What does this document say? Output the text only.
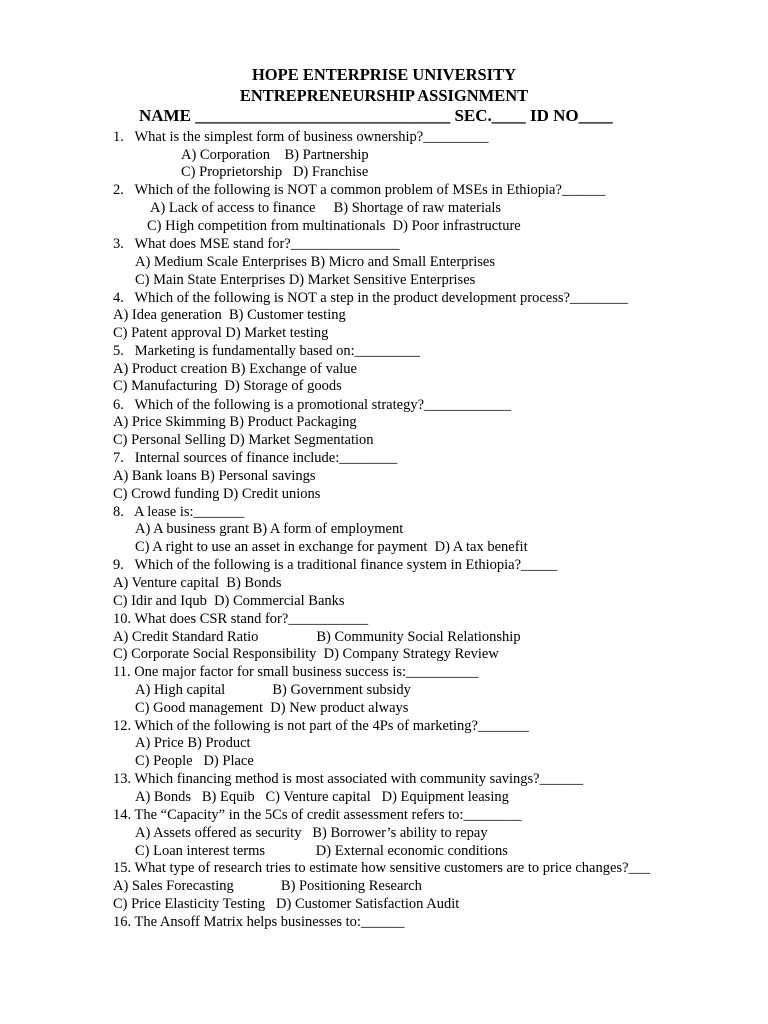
HOPE ENTERPRISE UNIVERSITY
ENTREPRENEURSHIP ASSIGNMENT
NAME ______________________________ SEC.____ ID NO____
1.   What is the simplest form of business ownership?_________
A) Corporation    B) Partnership
C) Proprietorship   D) Franchise
2.   Which of the following is NOT a common problem of MSEs in Ethiopia?______
A) Lack of access to finance     B) Shortage of raw materials
C) High competition from multinationals  D) Poor infrastructure
3.   What does MSE stand for?_______________
A) Medium Scale Enterprises B) Micro and Small Enterprises
C) Main State Enterprises D) Market Sensitive Enterprises
4.   Which of the following is NOT a step in the product development process?________
A) Idea generation  B) Customer testing
C) Patent approval D) Market testing
5.   Marketing is fundamentally based on:_________
A) Product creation B) Exchange of value
C) Manufacturing  D) Storage of goods
6.   Which of the following is a promotional strategy?____________
A) Price Skimming B) Product Packaging
C) Personal Selling D) Market Segmentation
7.   Internal sources of finance include:________
A) Bank loans B) Personal savings
C) Crowd funding D) Credit unions
8.   A lease is:_______
A) A business grant B) A form of employment
C) A right to use an asset in exchange for payment  D) A tax benefit
9.   Which of the following is a traditional finance system in Ethiopia?_____
A) Venture capital  B) Bonds
C) Idir and Iqub  D) Commercial Banks
10. What does CSR stand for?___________
A) Credit Standard Ratio                B) Community Social Relationship
C) Corporate Social Responsibility  D) Company Strategy Review
11. One major factor for small business success is:__________
A) High capital             B) Government subsidy
C) Good management  D) New product always
12. Which of the following is not part of the 4Ps of marketing?_______
A) Price B) Product
C) People   D) Place
13. Which financing method is most associated with community savings?______
A) Bonds   B) Equib   C) Venture capital   D) Equipment leasing
14. The “Capacity” in the 5Cs of credit assessment refers to:________
A) Assets offered as security   B) Borrower’s ability to repay
C) Loan interest terms              D) External economic conditions
15. What type of research tries to estimate how sensitive customers are to price changes?___
A) Sales Forecasting             B) Positioning Research
C) Price Elasticity Testing   D) Customer Satisfaction Audit
16. The Ansoff Matrix helps businesses to:______
